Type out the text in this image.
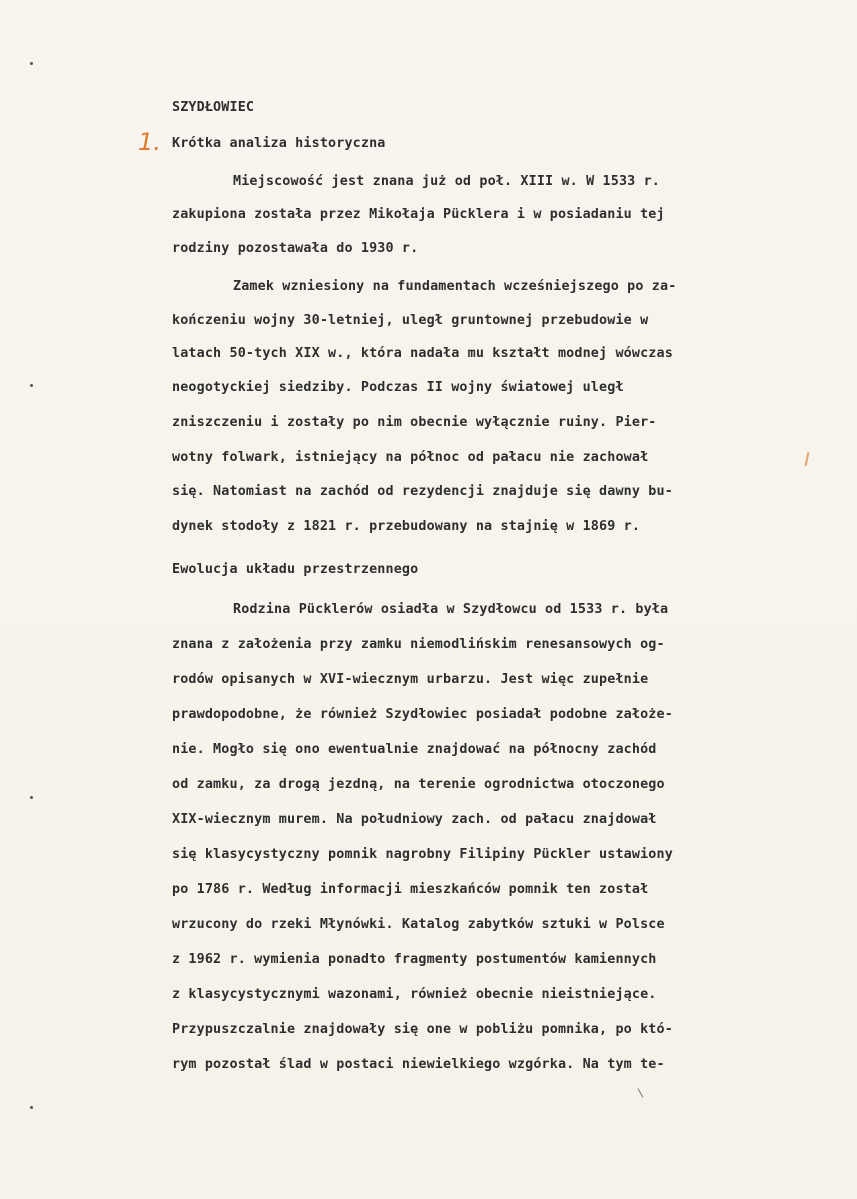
SZYDŁOWIEC
1. Krótka analiza historyczna
Miejscowość jest znana już od poł. XIII w. W 1533 r.
zakupiona została przez Mikołaja Pücklera i w posiadaniu tej
rodziny pozostawała do 1930 r.
Zamek wzniesiony na fundamentach wcześniejszego po za-
kończeniu wojny 30-letniej, uległ gruntownej przebudowie w
latach 50-tych XIX w., która nadała mu kształt modnej wówczas
neogotyckiej siedziby. Podczas II wojny światowej uległ
zniszczeniu i zostały po nim obecnie wyłącznie ruiny. Pier-
wotny folwark, istniejący na północ od pałacu nie zachował
się. Natomiast na zachód od rezydencji znajduje się dawny bu-
dynek stodoły z 1821 r. przebudowany na stajnię w 1869 r.
Ewolucja układu przestrzennego
Rodzina Pücklerów osiadła w Szydłowcu od 1533 r. była
znana z założenia przy zamku niemodlińskim renesansowych og-
rodów opisanych w XVI-wiecznym urbarzu. Jest więc zupełnie
prawdopodobne, że również Szydłowiec posiadał podobne założe-
nie. Mogło się ono ewentualnie znajdować na północny zachód
od zamku, za drogą jezdną, na terenie ogrodnictwa otoczonego
XIX-wiecznym murem. Na południowy zach. od pałacu znajdował
się klasycystyczny pomnik nagrobny Filipiny Pückler ustawiony
po 1786 r. Według informacji mieszkańców pomnik ten został
wrzucony do rzeki Młynówki. Katalog zabytków sztuki w Polsce
z 1962 r. wymienia ponadto fragmenty postumentów kamiennych
z klasycystycznymi wazonami, również obecnie nieistniejące.
Przypuszczalnie znajdowały się one w pobliżu pomnika, po któ-
rym pozostał ślad w postaci niewielkiego wzgórka. Na tym te-
